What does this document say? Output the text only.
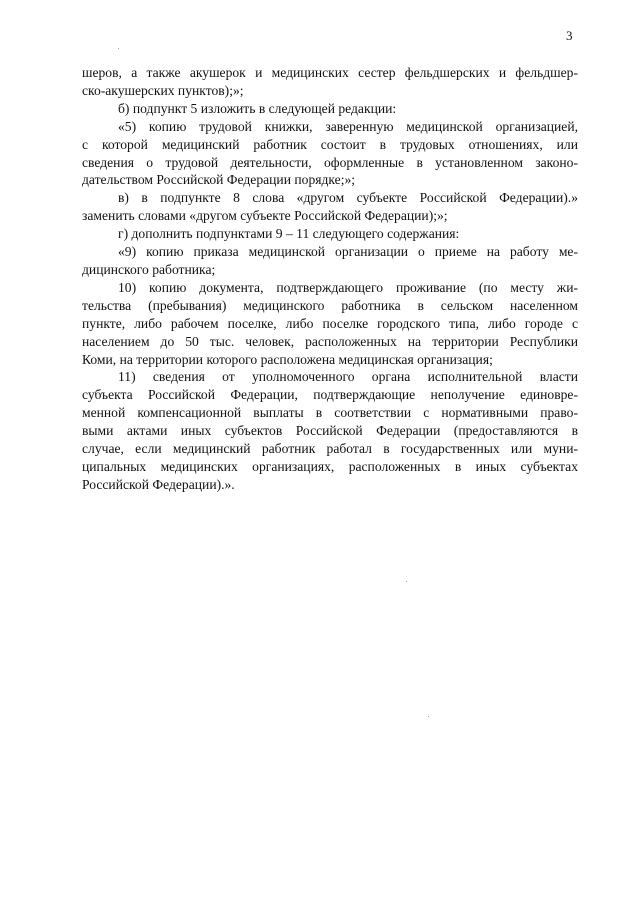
3
шеров, а также акушерок и медицинских сестер фельдшерских и фельдшер-
ско-акушерских пунктов);»;
б) подпункт 5 изложить в следующей редакции:
«5) копию трудовой книжки, заверенную медицинской организацией,
с которой медицинский работник состоит в трудовых отношениях, или
сведения о трудовой деятельности, оформленные в установленном законо-
дательством Российской Федерации порядке;»;
в) в подпункте 8 слова «другом субъекте Российской Федерации).»
заменить словами «другом субъекте Российской Федерации);»;
г) дополнить подпунктами 9 – 11 следующего содержания:
«9) копию приказа медицинской организации о приеме на работу ме-
дицинского работника;
10) копию документа, подтверждающего проживание (по месту жи-
тельства (пребывания) медицинского работника в сельском населенном
пункте, либо рабочем поселке, либо поселке городского типа, либо городе с
населением до 50 тыс. человек, расположенных на территории Республики
Коми, на территории которого расположена медицинская организация;
11) сведения от уполномоченного органа исполнительной власти
субъекта Российской Федерации, подтверждающие неполучение единовре-
менной компенсационной выплаты в соответствии с нормативными право-
выми актами иных субъектов Российской Федерации (предоставляются в
случае, если медицинский работник работал в государственных или муни-
ципальных медицинских организациях, расположенных в иных субъектах
Российской Федерации).».
